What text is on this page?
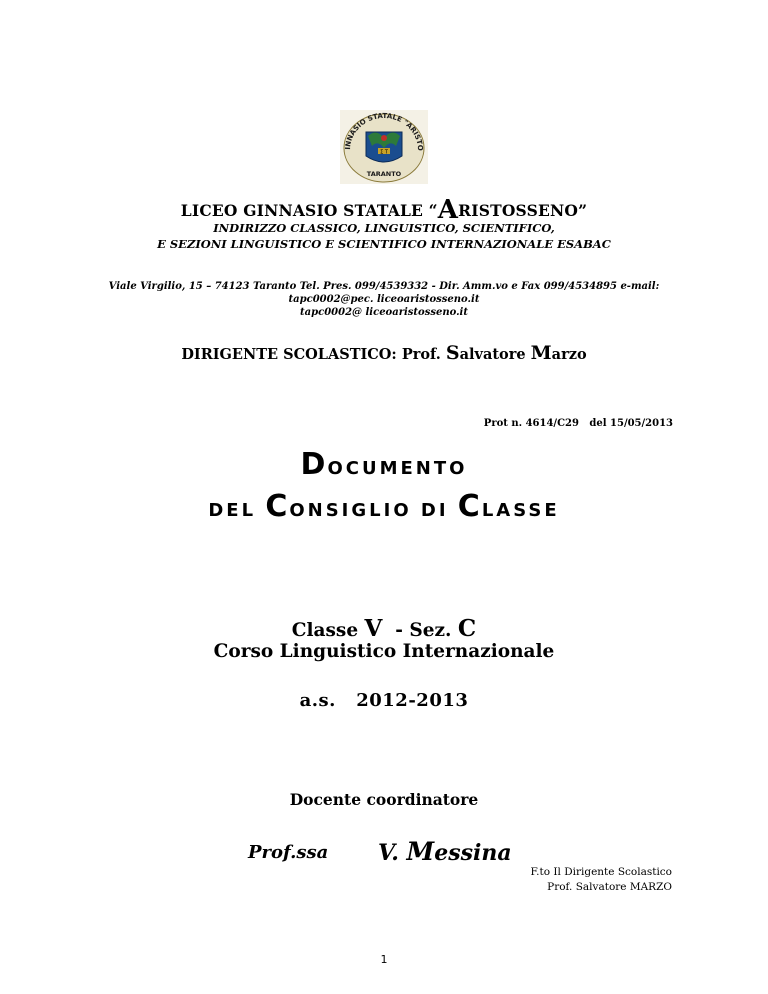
INNASIO STATALE "ARISTO
Σ T
TARANTO
LICEO GINNASIO STATALE “ARISTOSSENO”
INDIRIZZO CLASSICO, LINGUISTICO, SCIENTIFICO,
E SEZIONI LINGUISTICO E SCIENTIFICO INTERNAZIONALE ESABAC
Viale Virgilio, 15 – 74123 Taranto Tel. Pres. 099/4539332 - Dir. Amm.vo e Fax 099/4534895 e-mail:
tapc0002@pec. liceoaristosseno.it
tapc0002@ liceoaristosseno.it
DIRIGENTE SCOLASTICO: Prof. Salvatore Marzo
Prot n. 4614/C29   del 15/05/2013
DOCUMENTO
DEL CONSIGLIO DI CLASSE
Classe V  - Sez. C
Corso Linguistico Internazionale
a.s.   2012-2013
Docente coordinatore
Prof.ssa V. Messina
F.to Il Dirigente Scolastico
Prof. Salvatore MARZO
1
